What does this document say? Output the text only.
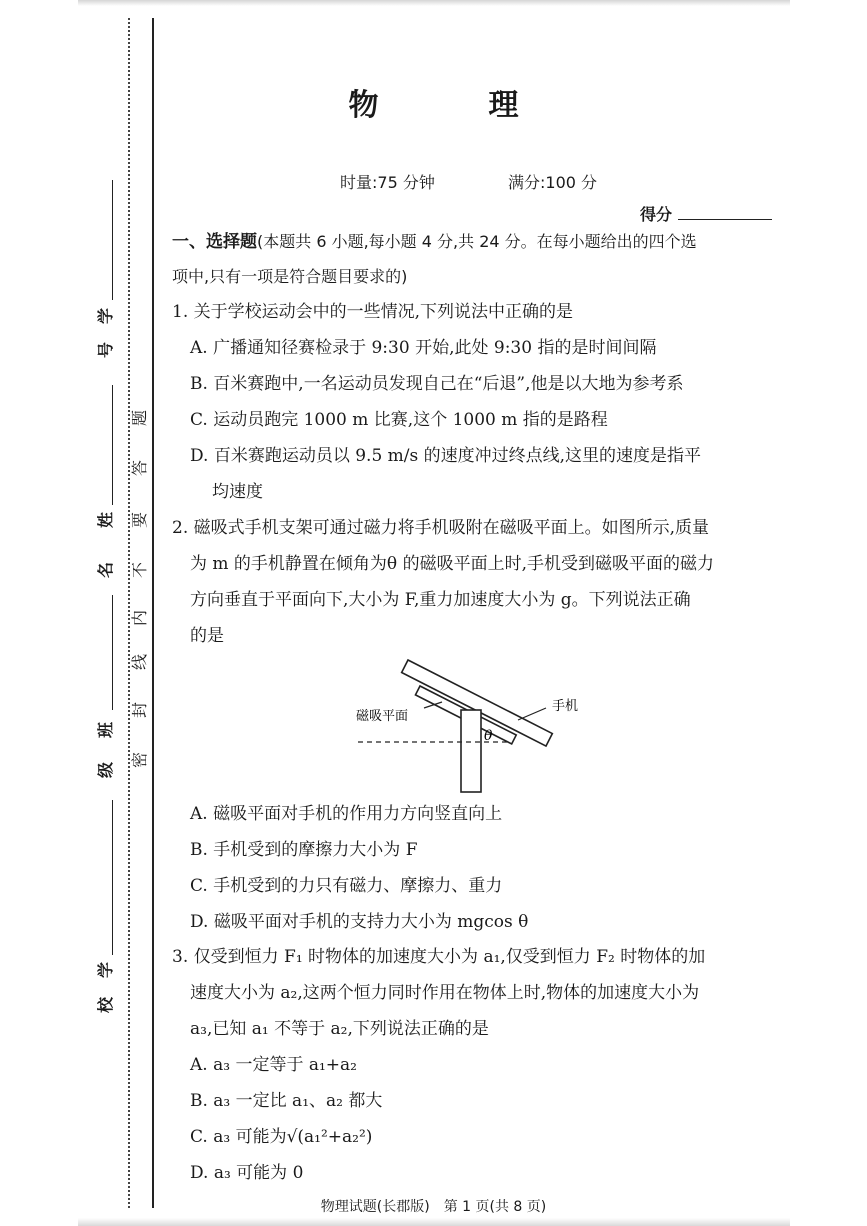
学
号
姓
名
班
级
学
校
密
封
线
内
不
要
答
题
物　理
时量:75 分钟	满分:100 分
得分
一、选择题(本题共 6 小题,每小题 4 分,共 24 分。在每小题给出的四个选
项中,只有一项是符合题目要求的)
1. 关于学校运动会中的一些情况,下列说法中正确的是
A. 广播通知径赛检录于 9:30 开始,此处 9:30 指的是时间间隔
B. 百米赛跑中,一名运动员发现自己在“后退”,他是以大地为参考系
C. 运动员跑完 1000 m 比赛,这个 1000 m 指的是路程
D. 百米赛跑运动员以 9.5 m/s 的速度冲过终点线,这里的速度是指平
均速度
2. 磁吸式手机支架可通过磁力将手机吸附在磁吸平面上。如图所示,质量
为 m 的手机静置在倾角为θ 的磁吸平面上时,手机受到磁吸平面的磁力
方向垂直于平面向下,大小为 F,重力加速度大小为 g。下列说法正确
的是
磁吸平面
手机
θ
A. 磁吸平面对手机的作用力方向竖直向上
B. 手机受到的摩擦力大小为 F
C. 手机受到的力只有磁力、摩擦力、重力
D. 磁吸平面对手机的支持力大小为 mgcos θ
3. 仅受到恒力 F₁ 时物体的加速度大小为 a₁,仅受到恒力 F₂ 时物体的加
速度大小为 a₂,这两个恒力同时作用在物体上时,物体的加速度大小为
a₃,已知 a₁ 不等于 a₂,下列说法正确的是
A. a₃ 一定等于 a₁+a₂
B. a₃ 一定比 a₁、a₂ 都大
C. a₃ 可能为√(a₁²+a₂²)
D. a₃ 可能为 0
物理试题(长郡版)　第 1 页(共 8 页)
